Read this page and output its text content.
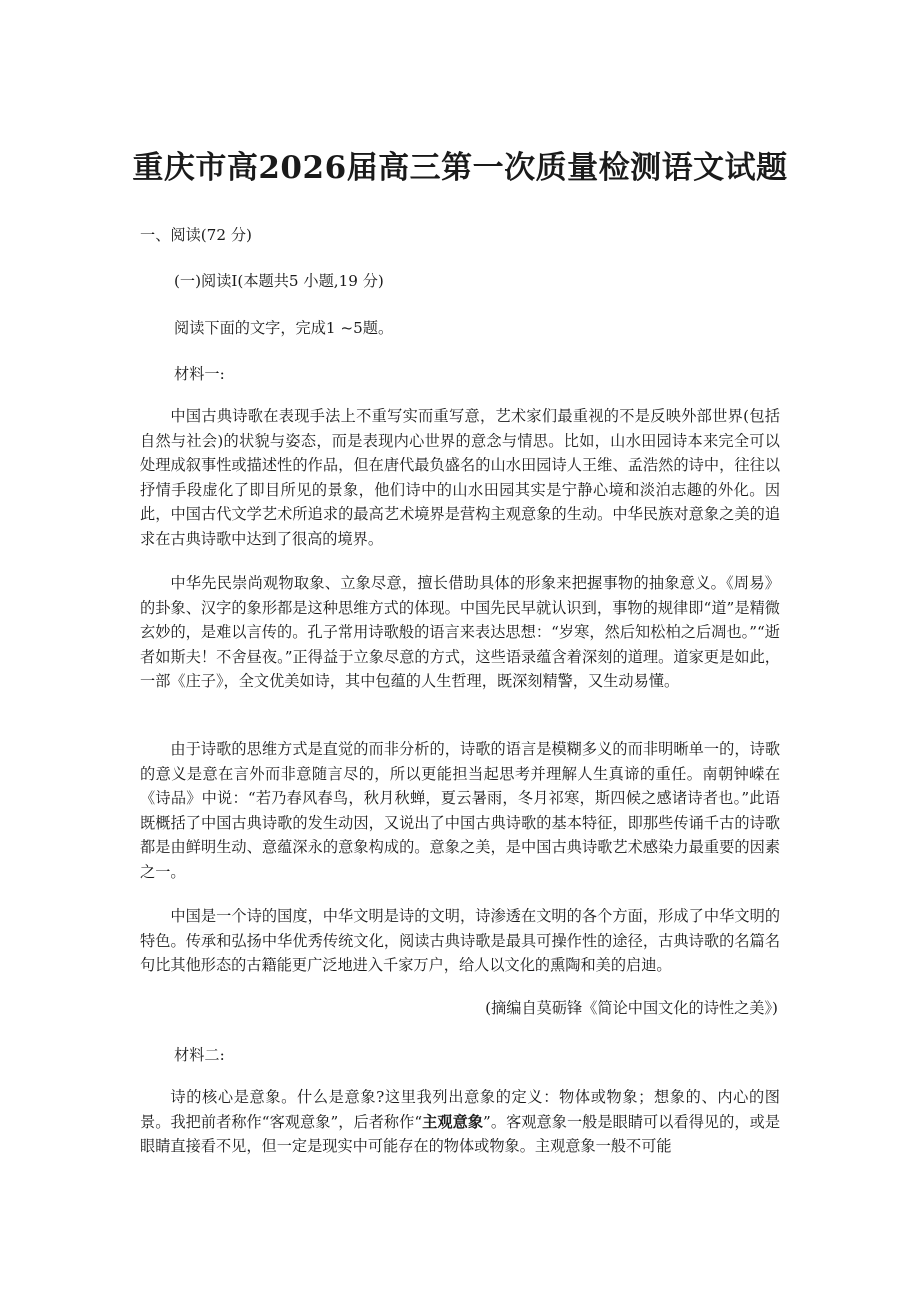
重庆市高2026届高三第一次质量检测语文试题

一、阅读(72 分)

(一)阅读Ⅰ(本题共5 小题,19 分)

阅读下面的文字，完成1 ~5题。

材料一:

中国古典诗歌在表现手法上不重写实而重写意，艺术家们最重视的不是反映外部世界(包括自然与社会)的状貌与姿态，而是表现内心世界的意念与情思。比如，山水田园诗本来完全可以处理成叙事性或描述性的作品，但在唐代最负盛名的山水田园诗人王维、孟浩然的诗中，往往以抒情手段虚化了即目所见的景象，他们诗中的山水田园其实是宁静心境和淡泊志趣的外化。因此，中国古代文学艺术所追求的最高艺术境界是营构主观意象的生动。中华民族对意象之美的追求在古典诗歌中达到了很高的境界。

中华先民崇尚观物取象、立象尽意，擅长借助具体的形象来把握事物的抽象意义。《周易》的卦象、汉字的象形都是这种思维方式的体现。中国先民早就认识到，事物的规律即“道”是精微玄妙的，是难以言传的。孔子常用诗歌般的语言来表达思想：“岁寒，然后知松柏之后凋也。”“逝者如斯夫！不舍昼夜。”正得益于立象尽意的方式，这些语录蕴含着深刻的道理。道家更是如此，一部《庄子》，全文优美如诗，其中包蕴的人生哲理，既深刻精警，又生动易懂。

由于诗歌的思维方式是直觉的而非分析的，诗歌的语言是模糊多义的而非明晰单一的，诗歌的意义是意在言外而非意随言尽的，所以更能担当起思考并理解人生真谛的重任。南朝钟嵘在《诗品》中说：“若乃春风春鸟，秋月秋蝉，夏云暑雨，冬月祁寒，斯四候之感诸诗者也。”此语既概括了中国古典诗歌的发生动因，又说出了中国古典诗歌的基本特征，即那些传诵千古的诗歌都是由鲜明生动、意蕴深永的意象构成的。意象之美，是中国古典诗歌艺术感染力最重要的因素之一。

中国是一个诗的国度，中华文明是诗的文明，诗渗透在文明的各个方面，形成了中华文明的特色。传承和弘扬中华优秀传统文化，阅读古典诗歌是最具可操作性的途径，古典诗歌的名篇名句比其他形态的古籍能更广泛地进入千家万户，给人以文化的熏陶和美的启迪。

(摘编自莫砺锋《简论中国文化的诗性之美》)

材料二:

诗的核心是意象。什么是意象?这里我列出意象的定义：物体或物象；想象的、内心的图景。我把前者称作“客观意象”，后者称作“主观意象”。客观意象一般是眼睛可以看得见的，或是眼睛直接看不见，但一定是现实中可能存在的物体或物象。主观意象一般不可能
